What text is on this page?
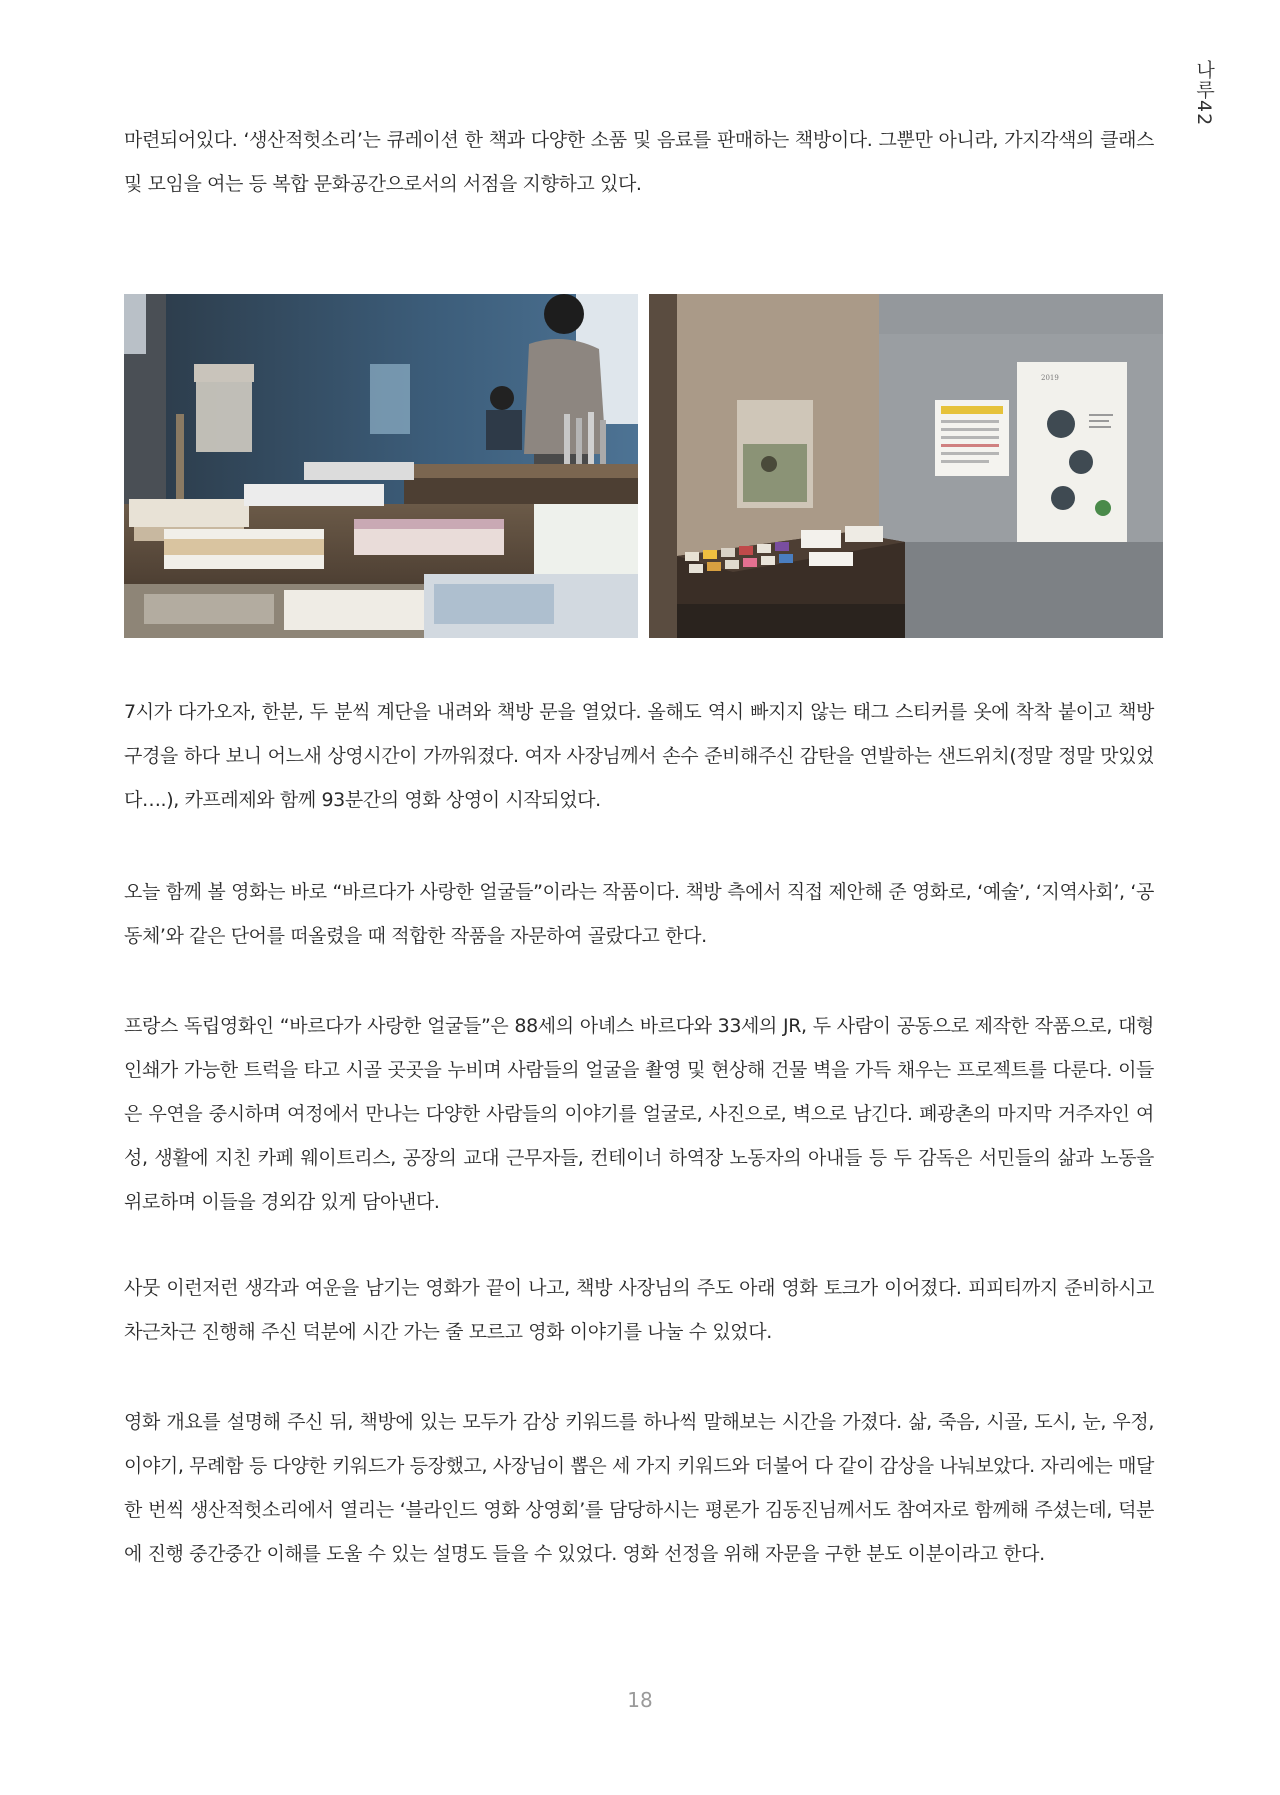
나루42

마련되어있다. ‘생산적헛소리’는 큐레이션 한 책과 다양한 소품 및 음료를 판매하는 책방이다. 그뿐만 아니라, 가지각색의 클래스 및 모임을 여는 등 복합 문화공간으로서의 서점을 지향하고 있다.

2019

7시가 다가오자, 한분, 두 분씩 계단을 내려와 책방 문을 열었다. 올해도 역시 빠지지 않는 태그 스티커를 옷에 착착 붙이고 책방 구경을 하다 보니 어느새 상영시간이 가까워졌다. 여자 사장님께서 손수 준비해주신 감탄을 연발하는 샌드위치(정말 정말 맛있었다….), 카프레제와 함께 93분간의 영화 상영이 시작되었다.

오늘 함께 볼 영화는 바로 “바르다가 사랑한 얼굴들”이라는 작품이다. 책방 측에서 직접 제안해 준 영화로, ‘예술’, ‘지역사회’, ‘공동체’와 같은 단어를 떠올렸을 때 적합한 작품을 자문하여 골랐다고 한다.

프랑스 독립영화인 “바르다가 사랑한 얼굴들”은 88세의 아녜스 바르다와 33세의 JR, 두 사람이 공동으로 제작한 작품으로, 대형 인쇄가 가능한 트럭을 타고 시골 곳곳을 누비며 사람들의 얼굴을 촬영 및 현상해 건물 벽을 가득 채우는 프로젝트를 다룬다. 이들은 우연을 중시하며 여정에서 만나는 다양한 사람들의 이야기를 얼굴로, 사진으로, 벽으로 남긴다. 폐광촌의 마지막 거주자인 여성, 생활에 지친 카페 웨이트리스, 공장의 교대 근무자들, 컨테이너 하역장 노동자의 아내들 등 두 감독은 서민들의 삶과 노동을 위로하며 이들을 경외감 있게 담아낸다.

사뭇 이런저런 생각과 여운을 남기는 영화가 끝이 나고, 책방 사장님의 주도 아래 영화 토크가 이어졌다. 피피티까지 준비하시고 차근차근 진행해 주신 덕분에 시간 가는 줄 모르고 영화 이야기를 나눌 수 있었다.

영화 개요를 설명해 주신 뒤, 책방에 있는 모두가 감상 키워드를 하나씩 말해보는 시간을 가졌다. 삶, 죽음, 시골, 도시, 눈, 우정, 이야기, 무례함 등 다양한 키워드가 등장했고, 사장님이 뽑은 세 가지 키워드와 더불어 다 같이 감상을 나눠보았다. 자리에는 매달 한 번씩 생산적헛소리에서 열리는 ‘블라인드 영화 상영회’를 담당하시는 평론가 김동진님께서도 참여자로 함께해 주셨는데, 덕분에 진행 중간중간 이해를 도울 수 있는 설명도 들을 수 있었다. 영화 선정을 위해 자문을 구한 분도 이분이라고 한다.

18
